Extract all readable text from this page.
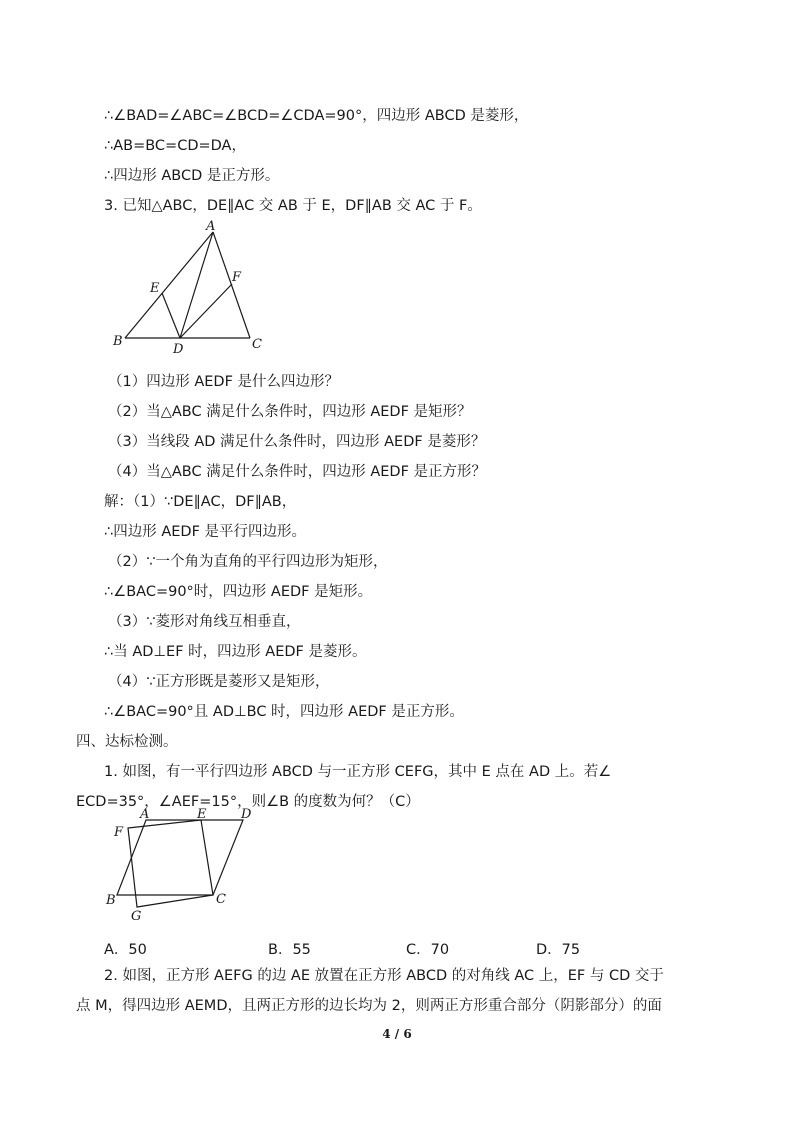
∴∠BAD=∠ABC=∠BCD=∠CDA=90°，四边形 ABCD 是菱形，
∴AB=BC=CD=DA，
∴四边形 ABCD 是正方形。
3. 已知△ABC，DE∥AC 交 AB 于 E，DF∥AB 交 AC 于 F。
A
B	C
D
E
F
（1）四边形 AEDF 是什么四边形？
（2）当△ABC 满足什么条件时，四边形 AEDF 是矩形？
（3）当线段 AD 满足什么条件时，四边形 AEDF 是菱形？
（4）当△ABC 满足什么条件时，四边形 AEDF 是正方形？
解：（1）∵DE∥AC，DF∥AB，
∴四边形 AEDF 是平行四边形。
（2）∵一个角为直角的平行四边形为矩形，
∴∠BAC=90°时，四边形 AEDF 是矩形。
（3）∵菱形对角线互相垂直，
∴当 AD⊥EF 时，四边形 AEDF 是菱形。
（4）∵正方形既是菱形又是矩形，
∴∠BAC=90°且 AD⊥BC 时，四边形 AEDF 是正方形。
四、达标检测。
1. 如图，有一平行四边形 ABCD 与一正方形 CEFG，其中 E 点在 AD 上。若∠
ECD=35°，∠AEF=15°，则∠B 的度数为何？（C）
A
B	C
D
E
F
G
A．50	B．55	C．70	D．75
2. 如图，正方形 AEFG 的边 AE 放置在正方形 ABCD 的对角线 AC 上，EF 与 CD 交于
点 M，得四边形 AEMD，且两正方形的边长均为 2，则两正方形重合部分（阴影部分）的面
4 / 6
